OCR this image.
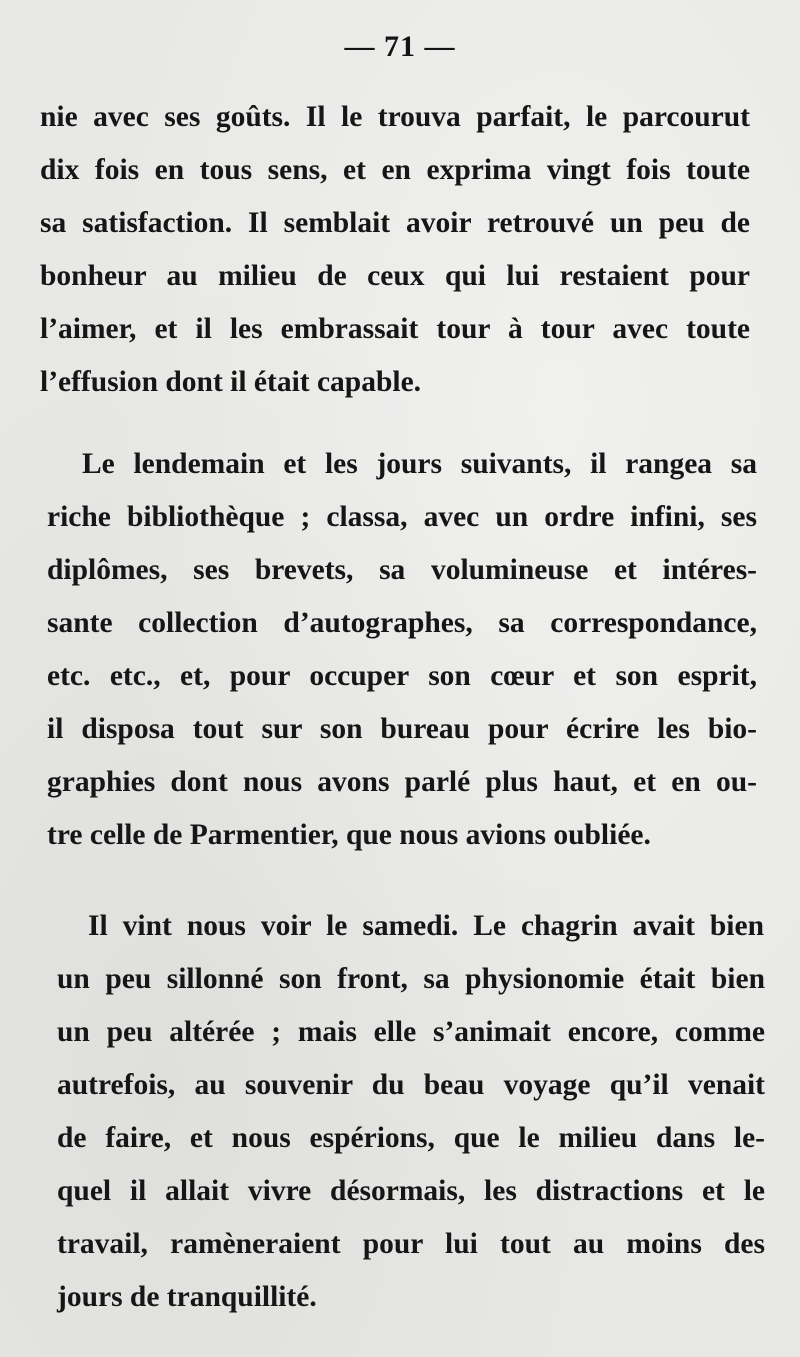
— 71 —
nie avec ses goûts. Il le trouva parfait, le parcourut
dix fois en tous sens, et en exprima vingt fois toute
sa satisfaction. Il semblait avoir retrouvé un peu de
bonheur au milieu de ceux qui lui restaient pour
l’aimer, et il les embrassait tour à tour avec toute
l’effusion dont il était capable.
Le lendemain et les jours suivants, il rangea sa
riche bibliothèque ; classa, avec un ordre infini, ses
diplômes, ses brevets, sa volumineuse et intéres-
sante collection d’autographes, sa correspondance,
etc. etc., et, pour occuper son cœur et son esprit,
il disposa tout sur son bureau pour écrire les bio-
graphies dont nous avons parlé plus haut, et en ou-
tre celle de Parmentier, que nous avions oubliée.
Il vint nous voir le samedi. Le chagrin avait bien
un peu sillonné son front, sa physionomie était bien
un peu altérée ; mais elle s’animait encore, comme
autrefois, au souvenir du beau voyage qu’il venait
de faire, et nous espérions, que le milieu dans le-
quel il allait vivre désormais, les distractions et le
travail, ramèneraient pour lui tout au moins des
jours de tranquillité.
